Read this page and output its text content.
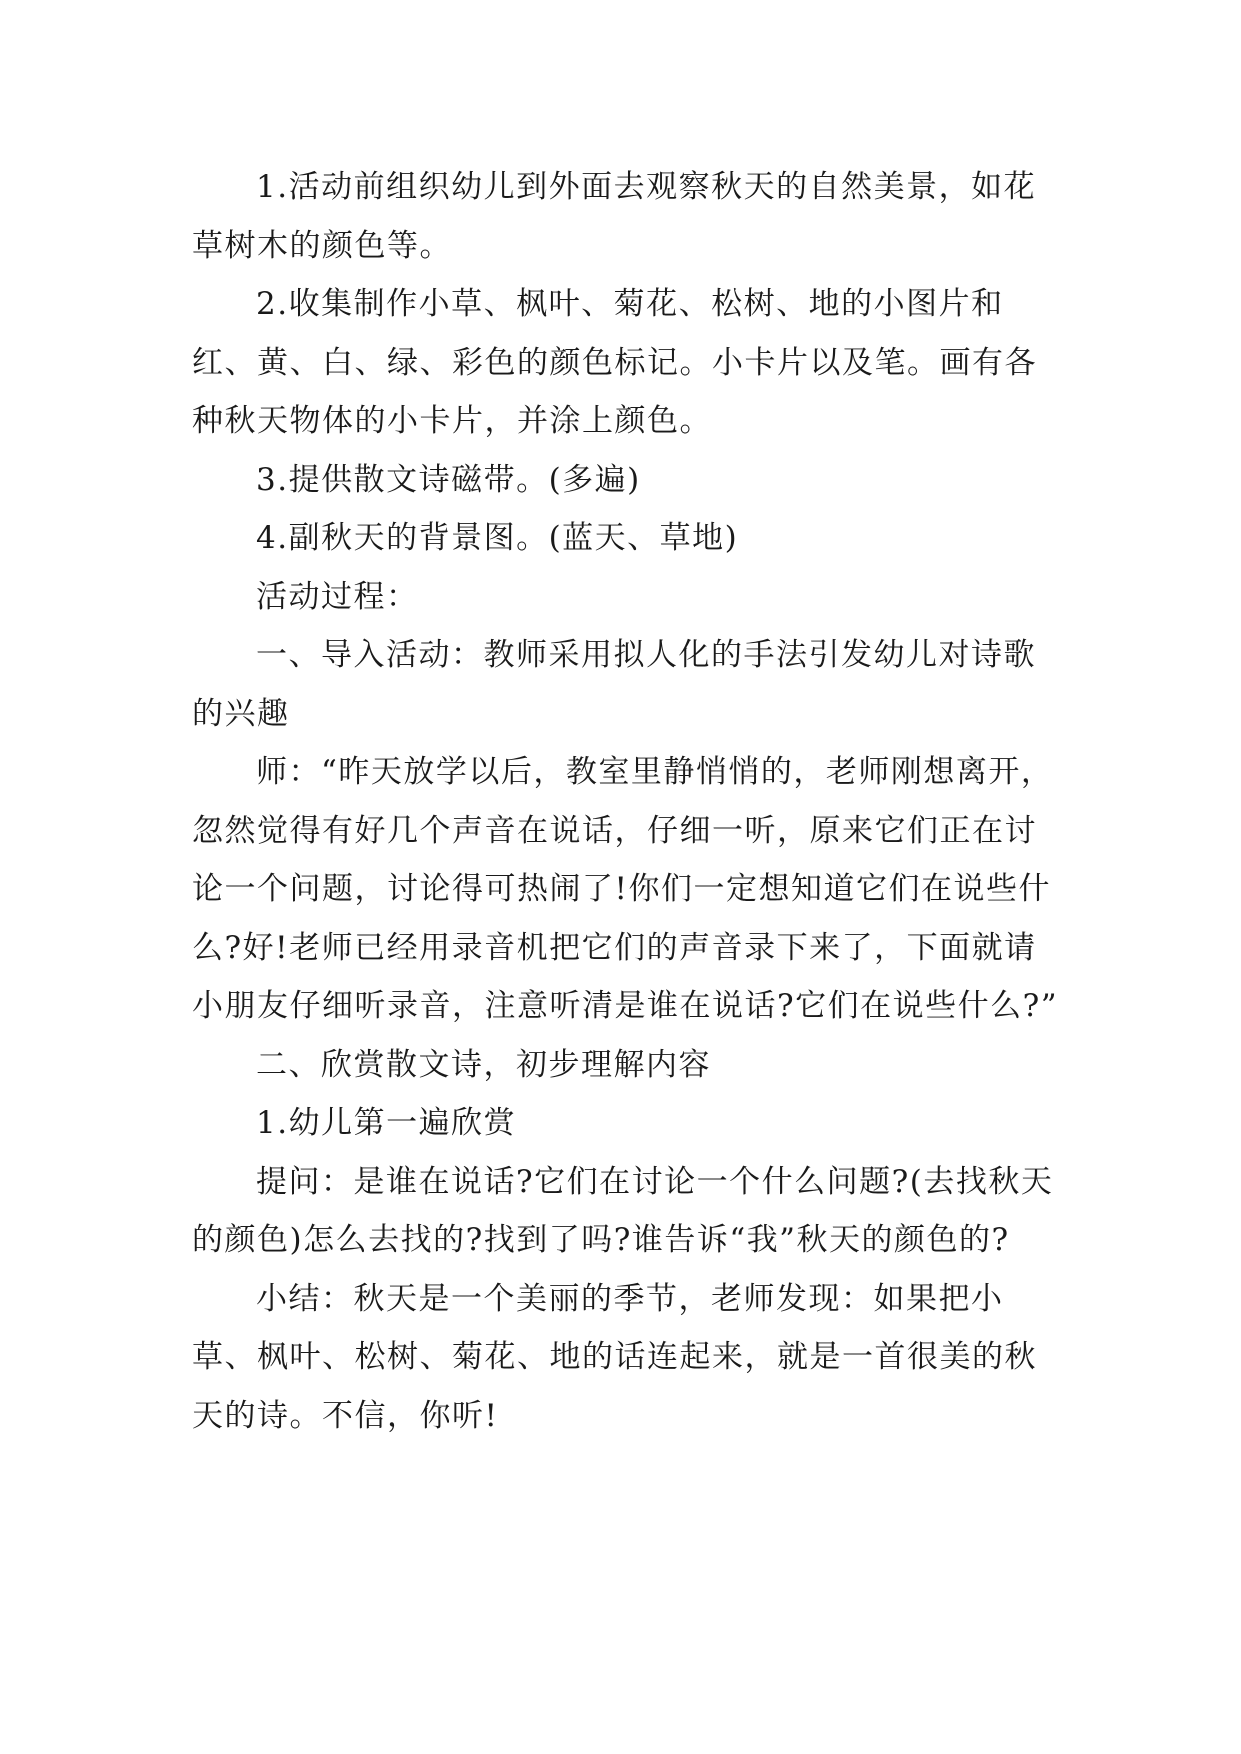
1.活动前组织幼儿到外面去观察秋天的自然美景，如花草树木的颜色等。

2.收集制作小草、枫叶、菊花、松树、地的小图片和红、黄、白、绿、彩色的颜色标记。小卡片以及笔。画有各种秋天物体的小卡片，并涂上颜色。

3.提供散文诗磁带。(多遍)

4.副秋天的背景图。(蓝天、草地)

活动过程：

一、导入活动：教师采用拟人化的手法引发幼儿对诗歌的兴趣

师：“昨天放学以后，教室里静悄悄的，老师刚想离开，忽然觉得有好几个声音在说话，仔细一听，原来它们正在讨论一个问题，讨论得可热闹了!你们一定想知道它们在说些什么?好!老师已经用录音机把它们的声音录下来了，下面就请小朋友仔细听录音，注意听清是谁在说话?它们在说些什么?”

二、欣赏散文诗，初步理解内容

1.幼儿第一遍欣赏

提问：是谁在说话?它们在讨论一个什么问题?(去找秋天的颜色)怎么去找的?找到了吗?谁告诉“我”秋天的颜色的?

小结：秋天是一个美丽的季节，老师发现：如果把小草、枫叶、松树、菊花、地的话连起来，就是一首很美的秋天的诗。不信，你听!
